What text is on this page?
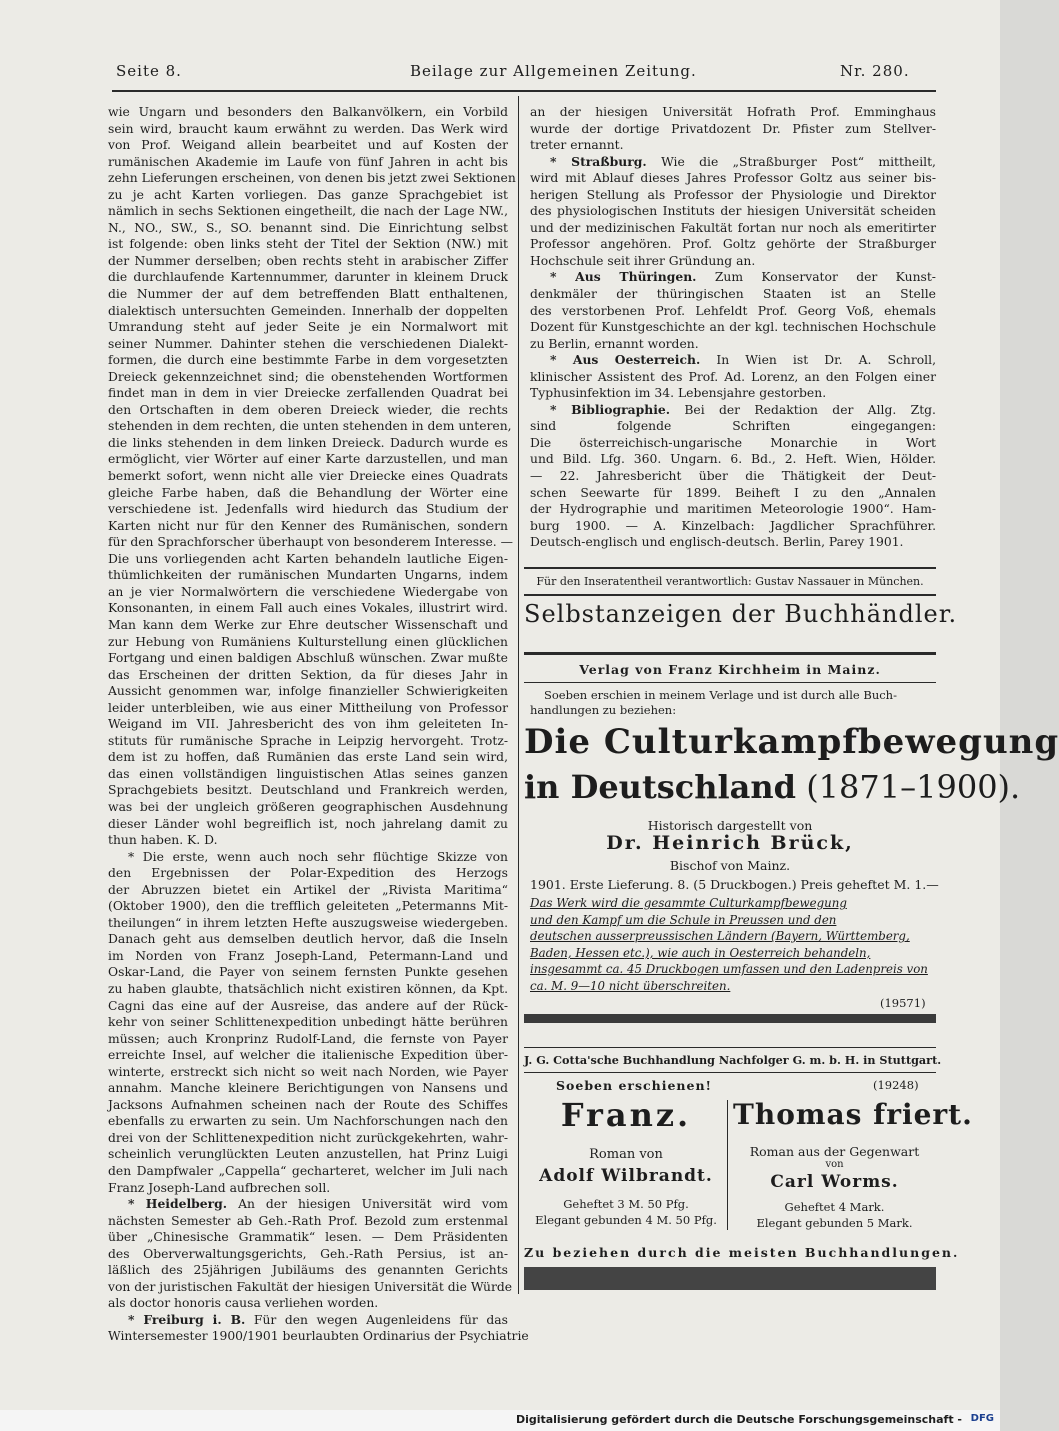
Seite 8.	Beilage zur Allgemeinen Zeitung.	Nr. 280.
wie Ungarn und besonders den Balkanvölkern, ein Vorbild
sein wird, braucht kaum erwähnt zu werden. Das Werk wird
von Prof. Weigand allein bearbeitet und auf Kosten der
rumänischen Akademie im Laufe von fünf Jahren in acht bis
zehn Lieferungen erscheinen, von denen bis jetzt zwei Sektionen
zu je acht Karten vorliegen. Das ganze Sprachgebiet ist
nämlich in sechs Sektionen eingetheilt, die nach der Lage NW.,
N., NO., SW., S., SO. benannt sind. Die Einrichtung selbst
ist folgende: oben links steht der Titel der Sektion (NW.) mit
der Nummer derselben; oben rechts steht in arabischer Ziffer
die durchlaufende Kartennummer, darunter in kleinem Druck
die Nummer der auf dem betreffenden Blatt enthaltenen,
dialektisch untersuchten Gemeinden. Innerhalb der doppelten
Umrandung steht auf jeder Seite je ein Normalwort mit
seiner Nummer. Dahinter stehen die verschiedenen Dialekt-
formen, die durch eine bestimmte Farbe in dem vorgesetzten
Dreieck gekennzeichnet sind; die obenstehenden Wortformen
findet man in dem in vier Dreiecke zerfallenden Quadrat bei
den Ortschaften in dem oberen Dreieck wieder, die rechts
stehenden in dem rechten, die unten stehenden in dem unteren,
die links stehenden in dem linken Dreieck. Dadurch wurde es
ermöglicht, vier Wörter auf einer Karte darzustellen, und man
bemerkt sofort, wenn nicht alle vier Dreiecke eines Quadrats
gleiche Farbe haben, daß die Behandlung der Wörter eine
verschiedene ist. Jedenfalls wird hiedurch das Studium der
Karten nicht nur für den Kenner des Rumänischen, sondern
für den Sprachforscher überhaupt von besonderem Interesse. —
Die uns vorliegenden acht Karten behandeln lautliche Eigen-
thümlichkeiten der rumänischen Mundarten Ungarns, indem
an je vier Normalwörtern die verschiedene Wiedergabe von
Konsonanten, in einem Fall auch eines Vokales, illustrirt wird.
Man kann dem Werke zur Ehre deutscher Wissenschaft und
zur Hebung von Rumäniens Kulturstellung einen glücklichen
Fortgang und einen baldigen Abschluß wünschen. Zwar mußte
das Erscheinen der dritten Sektion, da für dieses Jahr in
Aussicht genommen war, infolge finanzieller Schwierigkeiten
leider unterbleiben, wie aus einer Mittheilung von Professor
Weigand im VII. Jahresbericht des von ihm geleiteten In-
stituts für rumänische Sprache in Leipzig hervorgeht. Trotz-
dem ist zu hoffen, daß Rumänien das erste Land sein wird,
das einen vollständigen linguistischen Atlas seines ganzen
Sprachgebiets besitzt. Deutschland und Frankreich werden,
was bei der ungleich größeren geographischen Ausdehnung
dieser Länder wohl begreiflich ist, noch jahrelang damit zu
thun haben. K. D.
* Die erste, wenn auch noch sehr flüchtige Skizze von
den Ergebnissen der Polar-Expedition des Herzogs
der Abruzzen bietet ein Artikel der „Rivista Maritima“
(Oktober 1900), den die trefflich geleiteten „Petermanns Mit-
theilungen“ in ihrem letzten Hefte auszugsweise wiedergeben.
Danach geht aus demselben deutlich hervor, daß die Inseln
im Norden von Franz Joseph-Land, Petermann-Land und
Oskar-Land, die Payer von seinem fernsten Punkte gesehen
zu haben glaubte, thatsächlich nicht existiren können, da Kpt.
Cagni das eine auf der Ausreise, das andere auf der Rück-
kehr von seiner Schlittenexpedition unbedingt hätte berühren
müssen; auch Kronprinz Rudolf-Land, die fernste von Payer
erreichte Insel, auf welcher die italienische Expedition über-
winterte, erstreckt sich nicht so weit nach Norden, wie Payer
annahm. Manche kleinere Berichtigungen von Nansens und
Jacksons Aufnahmen scheinen nach der Route des Schiffes
ebenfalls zu erwarten zu sein. Um Nachforschungen nach den
drei von der Schlittenexpedition nicht zurückgekehrten, wahr-
scheinlich verunglückten Leuten anzustellen, hat Prinz Luigi
den Dampfwaler „Cappella“ gecharteret, welcher im Juli nach
Franz Joseph-Land aufbrechen soll.
* Heidelberg. An der hiesigen Universität wird vom
nächsten Semester ab Geh.-Rath Prof. Bezold zum erstenmal
über „Chinesische Grammatik“ lesen. — Dem Präsidenten
des Oberverwaltungsgerichts, Geh.-Rath Persius, ist an-
läßlich des 25jährigen Jubiläums des genannten Gerichts
von der juristischen Fakultät der hiesigen Universität die Würde
als doctor honoris causa verliehen worden.
* Freiburg i. B. Für den wegen Augenleidens für das
Wintersemester 1900/1901 beurlaubten Ordinarius der Psychiatrie
an der hiesigen Universität Hofrath Prof. Emminghaus
wurde der dortige Privatdozent Dr. Pfister zum Stellver-
treter ernannt.
* Straßburg. Wie die „Straßburger Post“ mittheilt,
wird mit Ablauf dieses Jahres Professor Goltz aus seiner bis-
herigen Stellung als Professor der Physiologie und Direktor
des physiologischen Instituts der hiesigen Universität scheiden
und der medizinischen Fakultät fortan nur noch als emeritirter
Professor angehören. Prof. Goltz gehörte der Straßburger
Hochschule seit ihrer Gründung an.
* Aus Thüringen. Zum Konservator der Kunst-
denkmäler der thüringischen Staaten ist an Stelle
des verstorbenen Prof. Lehfeldt Prof. Georg Voß, ehemals
Dozent für Kunstgeschichte an der kgl. technischen Hochschule
zu Berlin, ernannt worden.
* Aus Oesterreich. In Wien ist Dr. A. Schroll,
klinischer Assistent des Prof. Ad. Lorenz, an den Folgen einer
Typhusinfektion im 34. Lebensjahre gestorben.
* Bibliographie. Bei der Redaktion der Allg. Ztg.
sind folgende Schriften eingegangen:
Die österreichisch-ungarische Monarchie in Wort
und Bild. Lfg. 360. Ungarn. 6. Bd., 2. Heft. Wien, Hölder.
— 22. Jahresbericht über die Thätigkeit der Deut-
schen Seewarte für 1899. Beiheft I zu den „Annalen
der Hydrographie und maritimen Meteorologie 1900“. Ham-
burg 1900. — A. Kinzelbach: Jagdlicher Sprachführer.
Deutsch-englisch und englisch-deutsch. Berlin, Parey 1901.
Für den Inseratentheil verantwortlich: Gustav Nassauer in München.
Selbstanzeigen der Buchhändler.
Verlag von Franz Kirchheim in Mainz.
Soeben erschien in meinem Verlage und ist durch alle Buch-
handlungen zu beziehen:
Die Culturkampfbewegung
in Deutschland (1871–1900).
Historisch dargestellt von
Dr. Heinrich Brück,
Bischof von Mainz.
1901. Erste Lieferung. 8. (5 Druckbogen.) Preis geheftet M. 1.—
Das Werk wird die gesammte Culturkampfbewegung
und den Kampf um die Schule in Preussen und den
deutschen ausserpreussischen Ländern (Bayern, Württemberg,
Baden, Hessen etc.), wie auch in Oesterreich behandeln,
insgesammt ca. 45 Druckbogen umfassen und den Ladenpreis von
ca. M. 9—10 nicht überschreiten.
(19571)
J. G. Cotta'sche Buchhandlung Nachfolger G. m. b. H. in Stuttgart.
Soeben erschienen!	(19248)
Franz.
Roman von
Adolf Wilbrandt.
Geheftet 3 M. 50 Pfg.
Elegant gebunden 4 M. 50 Pfg.
Thomas friert.
Roman aus der Gegenwart
von
Carl Worms.
Geheftet 4 Mark.
Elegant gebunden 5 Mark.
Zu beziehen durch die meisten Buchhandlungen.
Digitalisierung gefördert durch die Deutsche Forschungsgemeinschaft - DFG
